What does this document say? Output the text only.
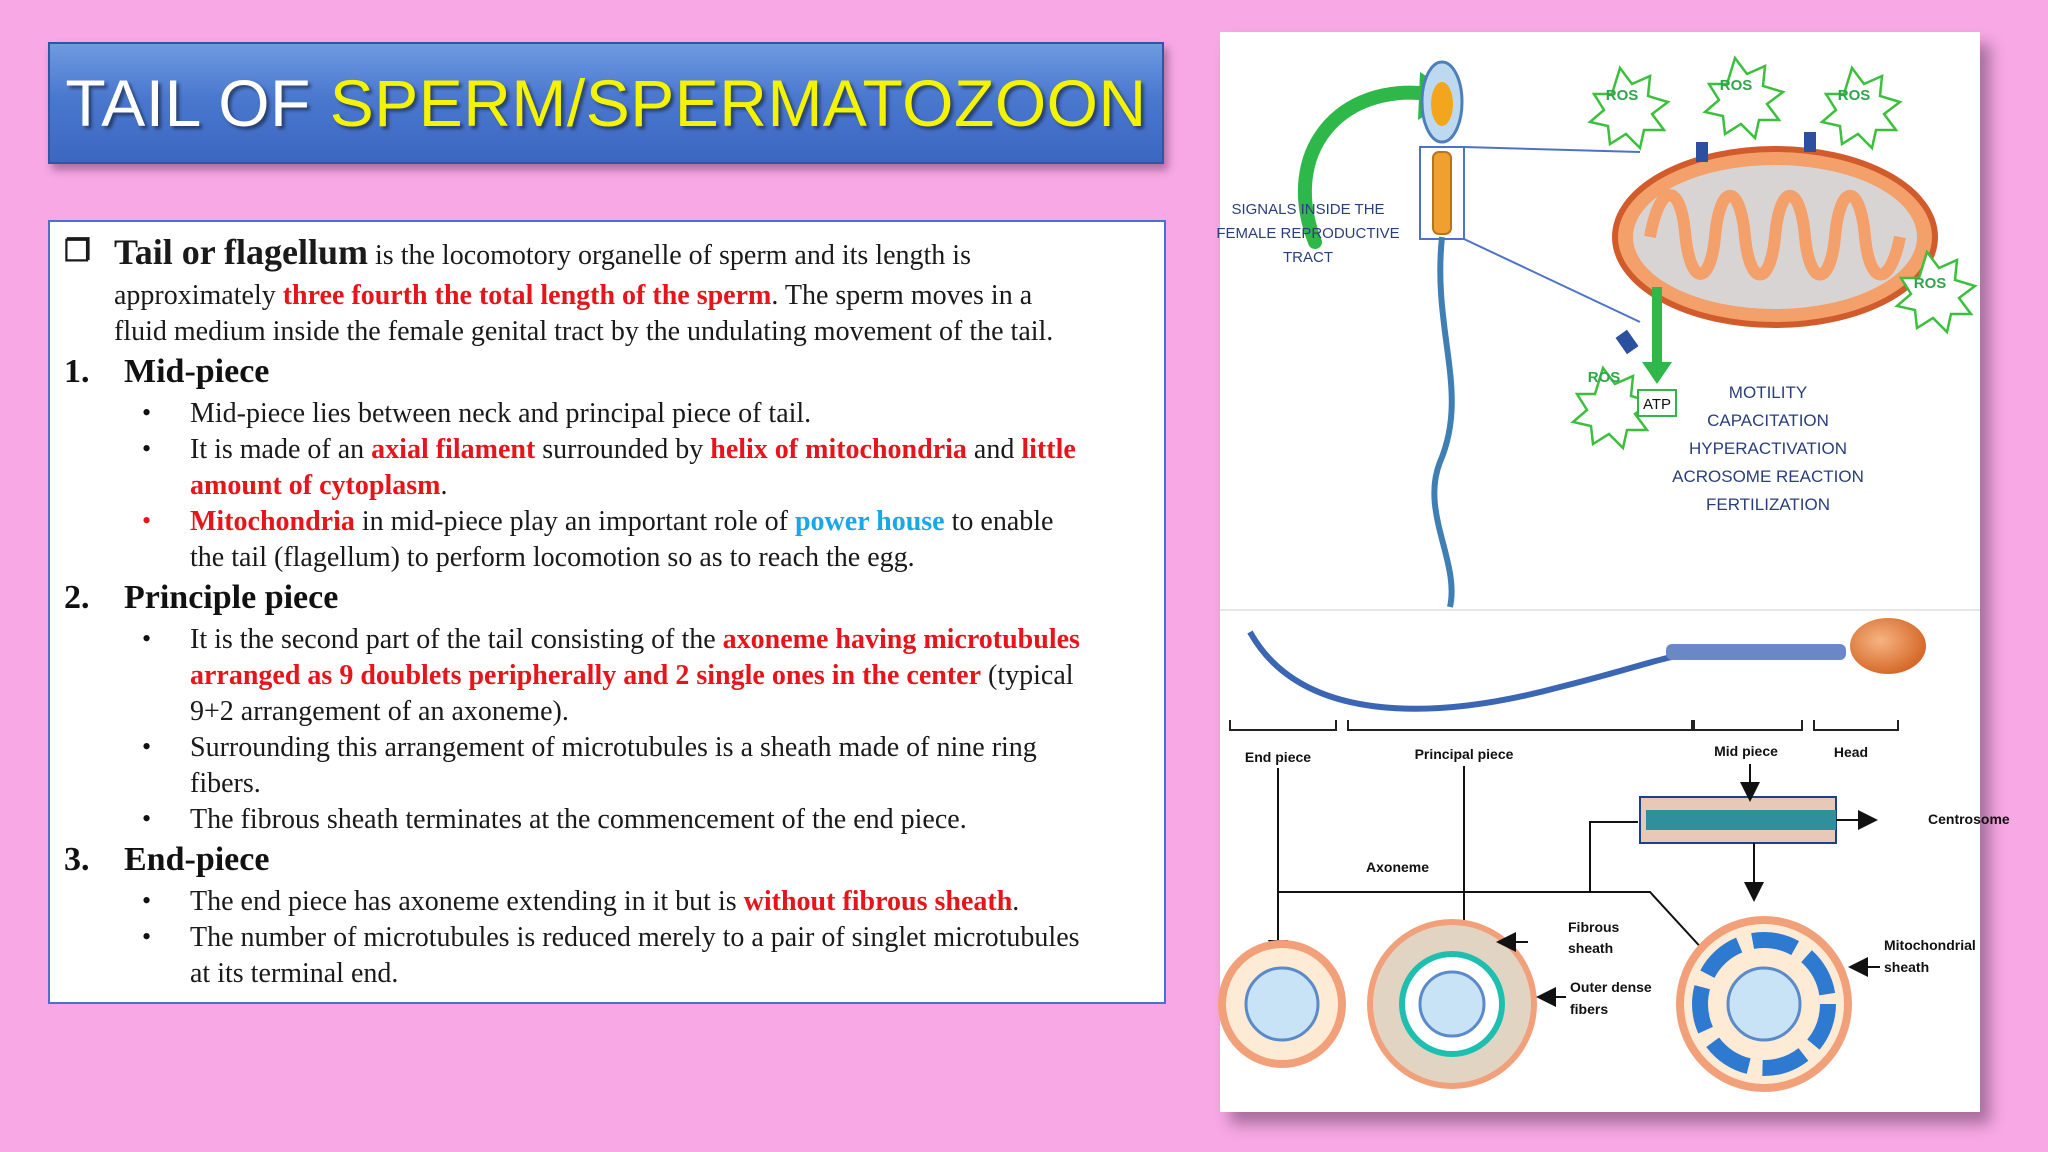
TAIL OF SPERM/SPERMATOZOON
❐ Tail or flagellum is the locomotory organelle of sperm and its length is
approximately three fourth the total length of the sperm. The sperm moves in a
fluid medium inside the female genital tract by the undulating movement of the tail.
1. Mid-piece
• Mid-piece lies between neck and principal piece of tail.
• It is made of an axial filament surrounded by helix of mitochondria and little
amount of cytoplasm.
• Mitochondria in mid-piece play an important role of power house to enable
the tail (flagellum) to perform locomotion so as to reach the egg.
2. Principle piece
• It is the second part of the tail consisting of the axoneme having microtubules
arranged as 9 doublets peripherally and 2 single ones in the center (typical
9+2 arrangement of an axoneme).
• Surrounding this arrangement of microtubules is a sheath made of nine ring
fibers.
• The fibrous sheath terminates at the commencement of the end piece.
3. End-piece
• The end piece has axoneme extending in it but is without fibrous sheath.
• The number of microtubules is reduced merely to a pair of singlet microtubules
at its terminal end.
SIGNALS INSIDE THE
FEMALE REPRODUCTIVE
TRACT
ROS
ROS
ROS
ROS
ROS
ATP
MOTILITY
CAPACITATION
HYPERACTIVATION
ACROSOME REACTION
FERTILIZATION
End piece	Principal piece	Mid piece	Head
Centrosome
Axoneme
Fibrous
sheath
Outer dense
fibers
Mitochondrial
sheath
